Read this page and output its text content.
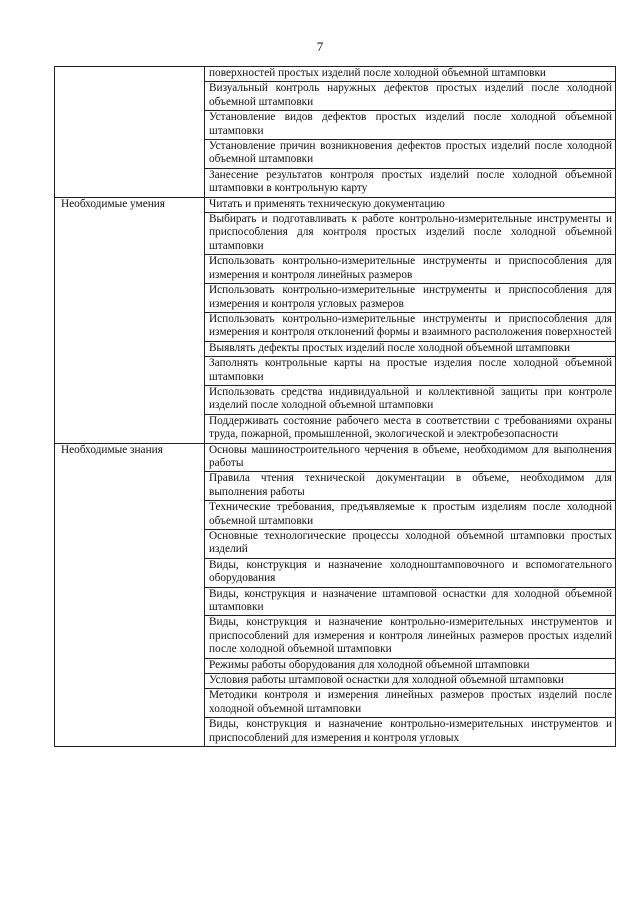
7
	поверхностей простых изделий после холодной объемной штамповки
	Визуальный контроль наружных дефектов простых изделий после холодной объемной штамповки
	Установление видов дефектов простых изделий после холодной объемной штамповки
	Установление причин возникновения дефектов простых изделий после холодной объемной штамповки
	Занесение результатов контроля простых изделий после холодной объемной штамповки в контрольную карту

Необходимые умения	Читать и применять техническую документацию
	Выбирать и подготавливать к работе контрольно-измерительные инструменты и приспособления для контроля простых изделий после холодной объемной штамповки
	Использовать контрольно-измерительные инструменты и приспособления для измерения и контроля линейных размеров
	Использовать контрольно-измерительные инструменты и приспособления для измерения и контроля угловых размеров
	Использовать контрольно-измерительные инструменты и приспособления для измерения и контроля отклонений формы и взаимного расположения поверхностей
	Выявлять дефекты простых изделий после холодной объемной штамповки
	Заполнять контрольные карты на простые изделия после холодной объемной штамповки
	Использовать средства индивидуальной и коллективной защиты при контроле изделий после холодной объемной штамповки
	Поддерживать состояние рабочего места в соответствии с требованиями охраны труда, пожарной, промышленной, экологической и электробезопасности

Необходимые знания	Основы машиностроительного черчения в объеме, необходимом для выполнения работы
	Правила чтения технической документации в объеме, необходимом для выполнения работы
	Технические требования, предъявляемые к простым изделиям после холодной объемной штамповки
	Основные технологические процессы холодной объемной штамповки простых изделий
	Виды, конструкция и назначение холодноштамповочного и вспомогательного оборудования
	Виды, конструкция и назначение штамповой оснастки для холодной объемной штамповки
	Виды, конструкция и назначение контрольно-измерительных инструментов и приспособлений для измерения и контроля линейных размеров простых изделий после холодной объемной штамповки
	Режимы работы оборудования для холодной объемной штамповки
	Условия работы штамповой оснастки для холодной объемной штамповки
	Методики контроля и измерения линейных размеров простых изделий после холодной объемной штамповки
	Виды, конструкция и назначение контрольно-измерительных инструментов и приспособлений для измерения и контроля угловых
